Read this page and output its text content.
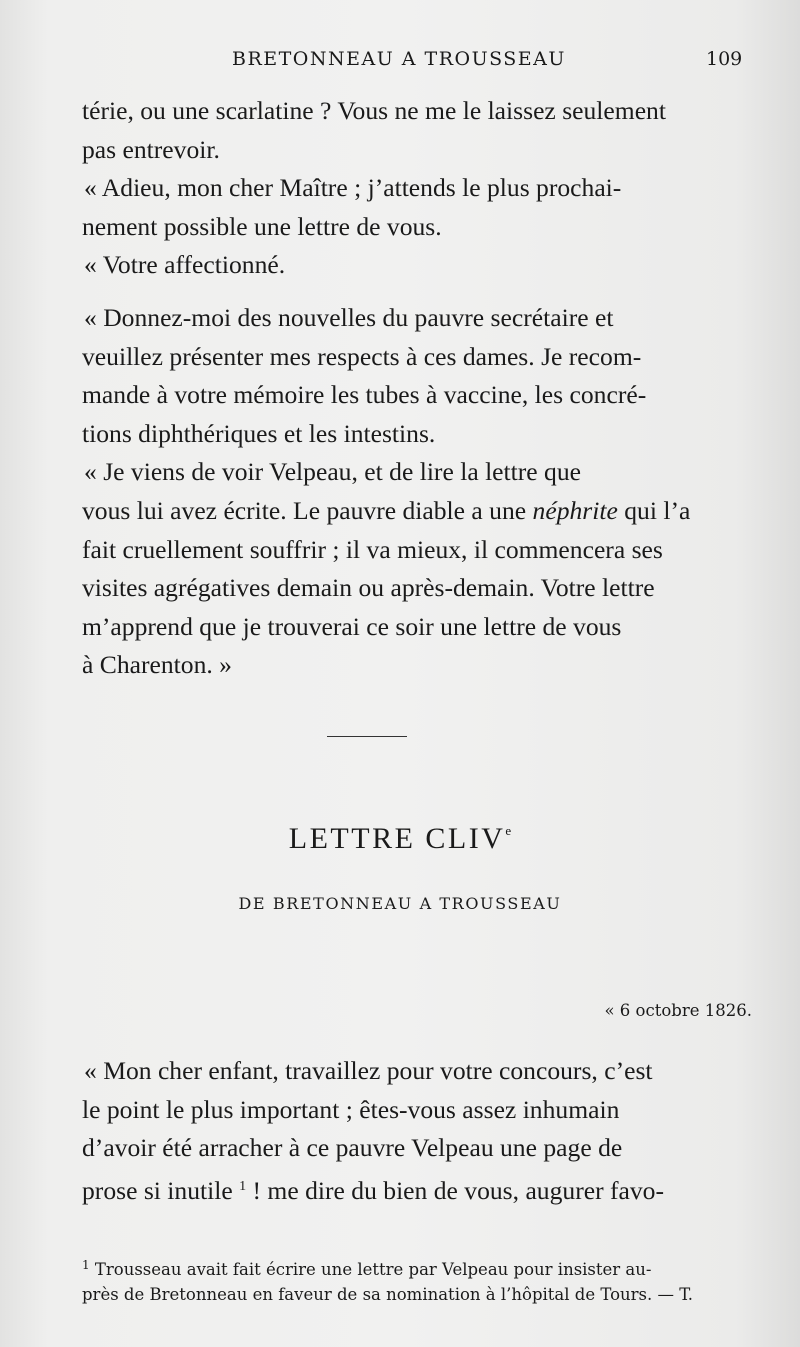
BRETONNEAU A TROUSSEAU	109

térie, ou une scarlatine ? Vous ne me le laissez seulement

pas entrevoir.

« Adieu, mon cher Maître ; j’attends le plus prochai-

nement possible une lettre de vous.

« Votre affectionné.

« Donnez-moi des nouvelles du pauvre secrétaire et

veuillez présenter mes respects à ces dames. Je recom-

mande à votre mémoire les tubes à vaccine, les concré-

tions diphthériques et les intestins.

« Je viens de voir Velpeau, et de lire la lettre que

vous lui avez écrite. Le pauvre diable a une néphrite qui l’a

fait cruellement souffrir ; il va mieux, il commencera ses

visites agrégatives demain ou après-demain. Votre lettre

m’apprend que je trouverai ce soir une lettre de vous

à Charenton. »

LETTRE CLIVe
DE BRETONNEAU A TROUSSEAU
« 6 octobre 1826.

« Mon cher enfant, travaillez pour votre concours, c’est

le point le plus important ; êtes-vous assez inhumain

d’avoir été arracher à ce pauvre Velpeau une page de

prose si inutile $^1$ ! me dire du bien de vous, augurer favo-

$^1$ Trousseau avait fait écrire une lettre par Velpeau pour insister au-
près de Bretonneau en faveur de sa nomination à l’hôpital de Tours. — T.
